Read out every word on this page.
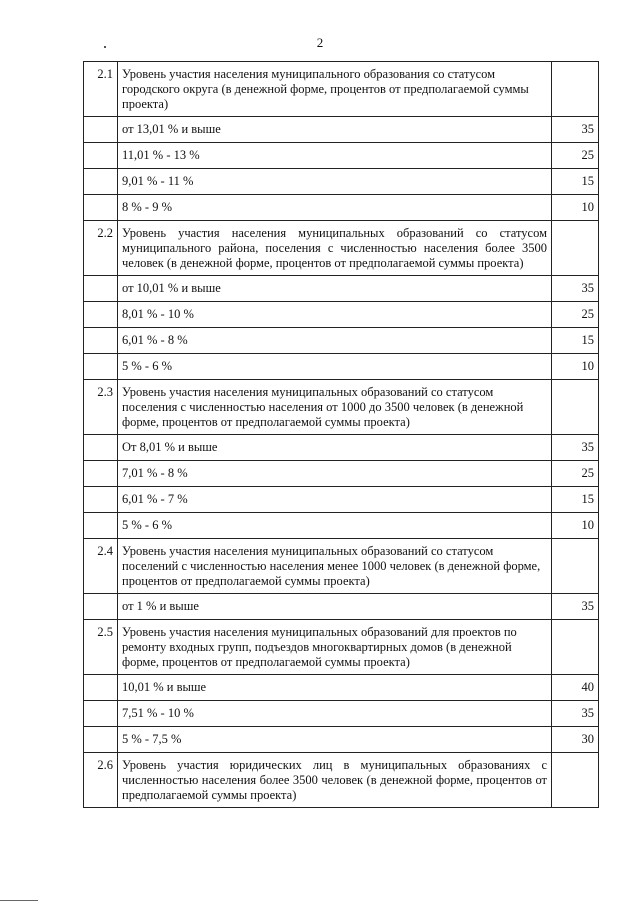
2
2.1	Уровень участия населения муниципального образования со статусом городского округа (в денежной форме, процентов от предполагаемой суммы проекта)	
	от 13,01 % и выше	35
	11,01 % - 13 %	25
	9,01 % - 11 %	15
	8 % - 9 %	10
2.2	Уровень участия населения муниципальных образований со статусом муниципального района, поселения с численностью населения более 3500 человек (в денежной форме, процентов от предполагаемой суммы проекта)	
	от 10,01 % и выше	35
	8,01 % - 10 %	25
	6,01 % - 8 %	15
	5 % - 6 %	10
2.3	Уровень участия населения муниципальных образований со статусом поселения с численностью населения от 1000 до 3500 человек (в денежной форме, процентов от предполагаемой суммы проекта)	
	От 8,01 % и выше	35
	7,01 % - 8 %	25
	6,01 % - 7 %	15
	5 % - 6 %	10
2.4	Уровень участия населения муниципальных образований со статусом поселений с численностью населения менее 1000 человек (в денежной форме, процентов от предполагаемой суммы проекта)	
	от 1 % и выше	35
2.5	Уровень участия населения муниципальных образований для проектов по ремонту входных групп, подъездов многоквартирных домов (в денежной форме, процентов от предполагаемой суммы проекта)	
	10,01 % и выше	40
	7,51 % - 10 %	35
	5 % - 7,5 %	30
2.6	Уровень участия юридических лиц в муниципальных образованиях с численностью населения более 3500 человек (в денежной форме, процентов от предполагаемой суммы проекта)	
